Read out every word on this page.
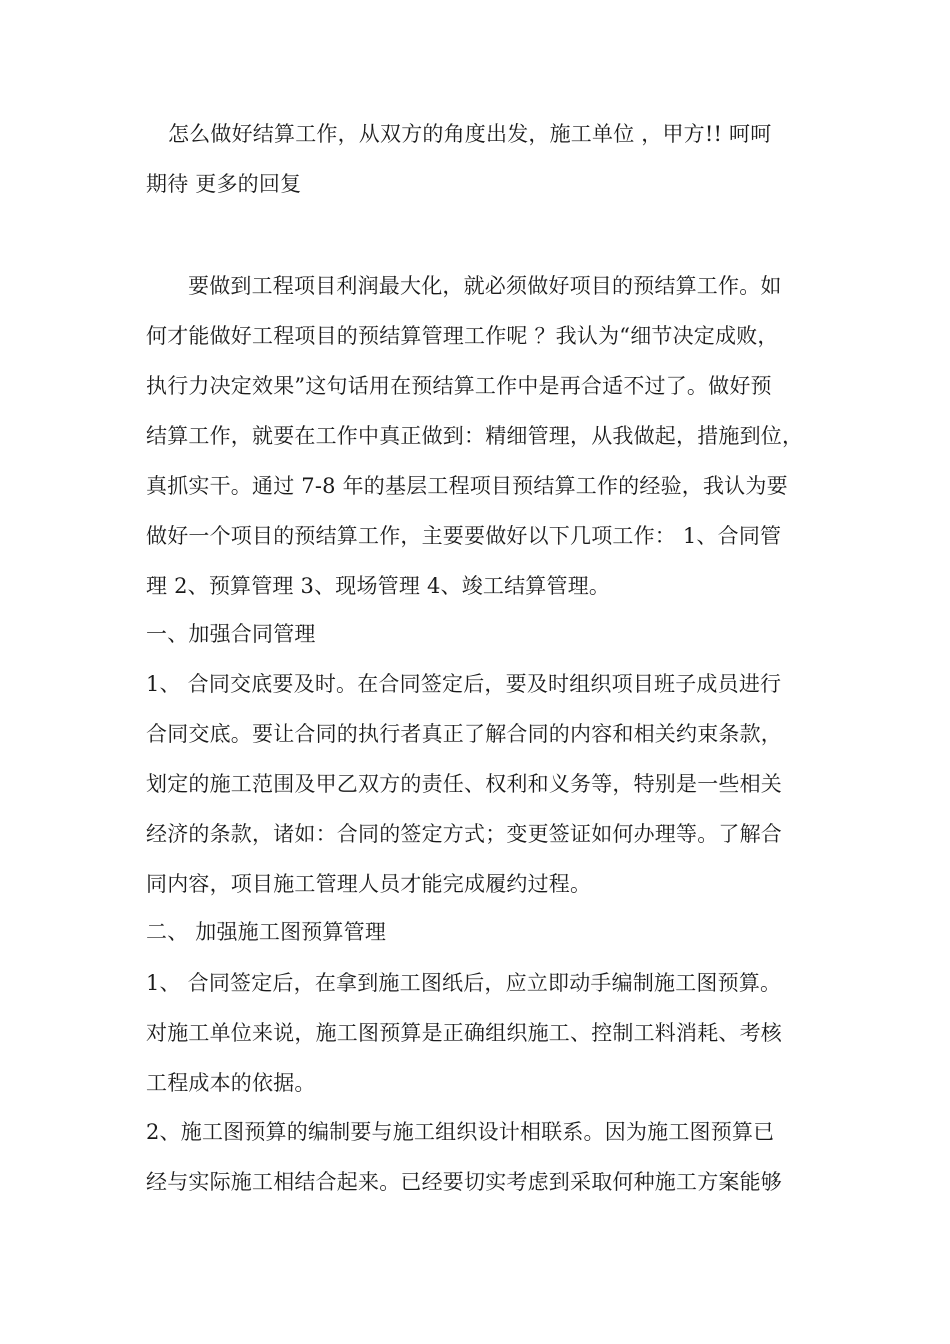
怎么做好结算工作，从双方的角度出发，施工单位 ，甲方!! 呵呵
期待 更多的回复
要做到工程项目利润最大化，就必须做好项目的预结算工作。如
何才能做好工程项目的预结算管理工作呢 ？我认为“细节决定成败，
执行力决定效果”这句话用在预结算工作中是再合适不过了。做好预
结算工作，就要在工作中真正做到：精细管理，从我做起，措施到位，
真抓实干。通过 7-8 年的基层工程项目预结算工作的经验，我认为要
做好一个项目的预结算工作，主要要做好以下几项工作： 1、合同管
理 2、预算管理 3、现场管理 4、竣工结算管理。
一、加强合同管理
1、 合同交底要及时。在合同签定后，要及时组织项目班子成员进行
合同交底。要让合同的执行者真正了解合同的内容和相关约束条款，
划定的施工范围及甲乙双方的责任、权利和义务等，特别是一些相关
经济的条款，诸如：合同的签定方式；变更签证如何办理等。了解合
同内容，项目施工管理人员才能完成履约过程。
二、 加强施工图预算管理
1、 合同签定后，在拿到施工图纸后，应立即动手编制施工图预算。
对施工单位来说，施工图预算是正确组织施工、控制工料消耗、考核
工程成本的依据。
2、施工图预算的编制要与施工组织设计相联系。因为施工图预算已
经与实际施工相结合起来。已经要切实考虑到采取何种施工方案能够
